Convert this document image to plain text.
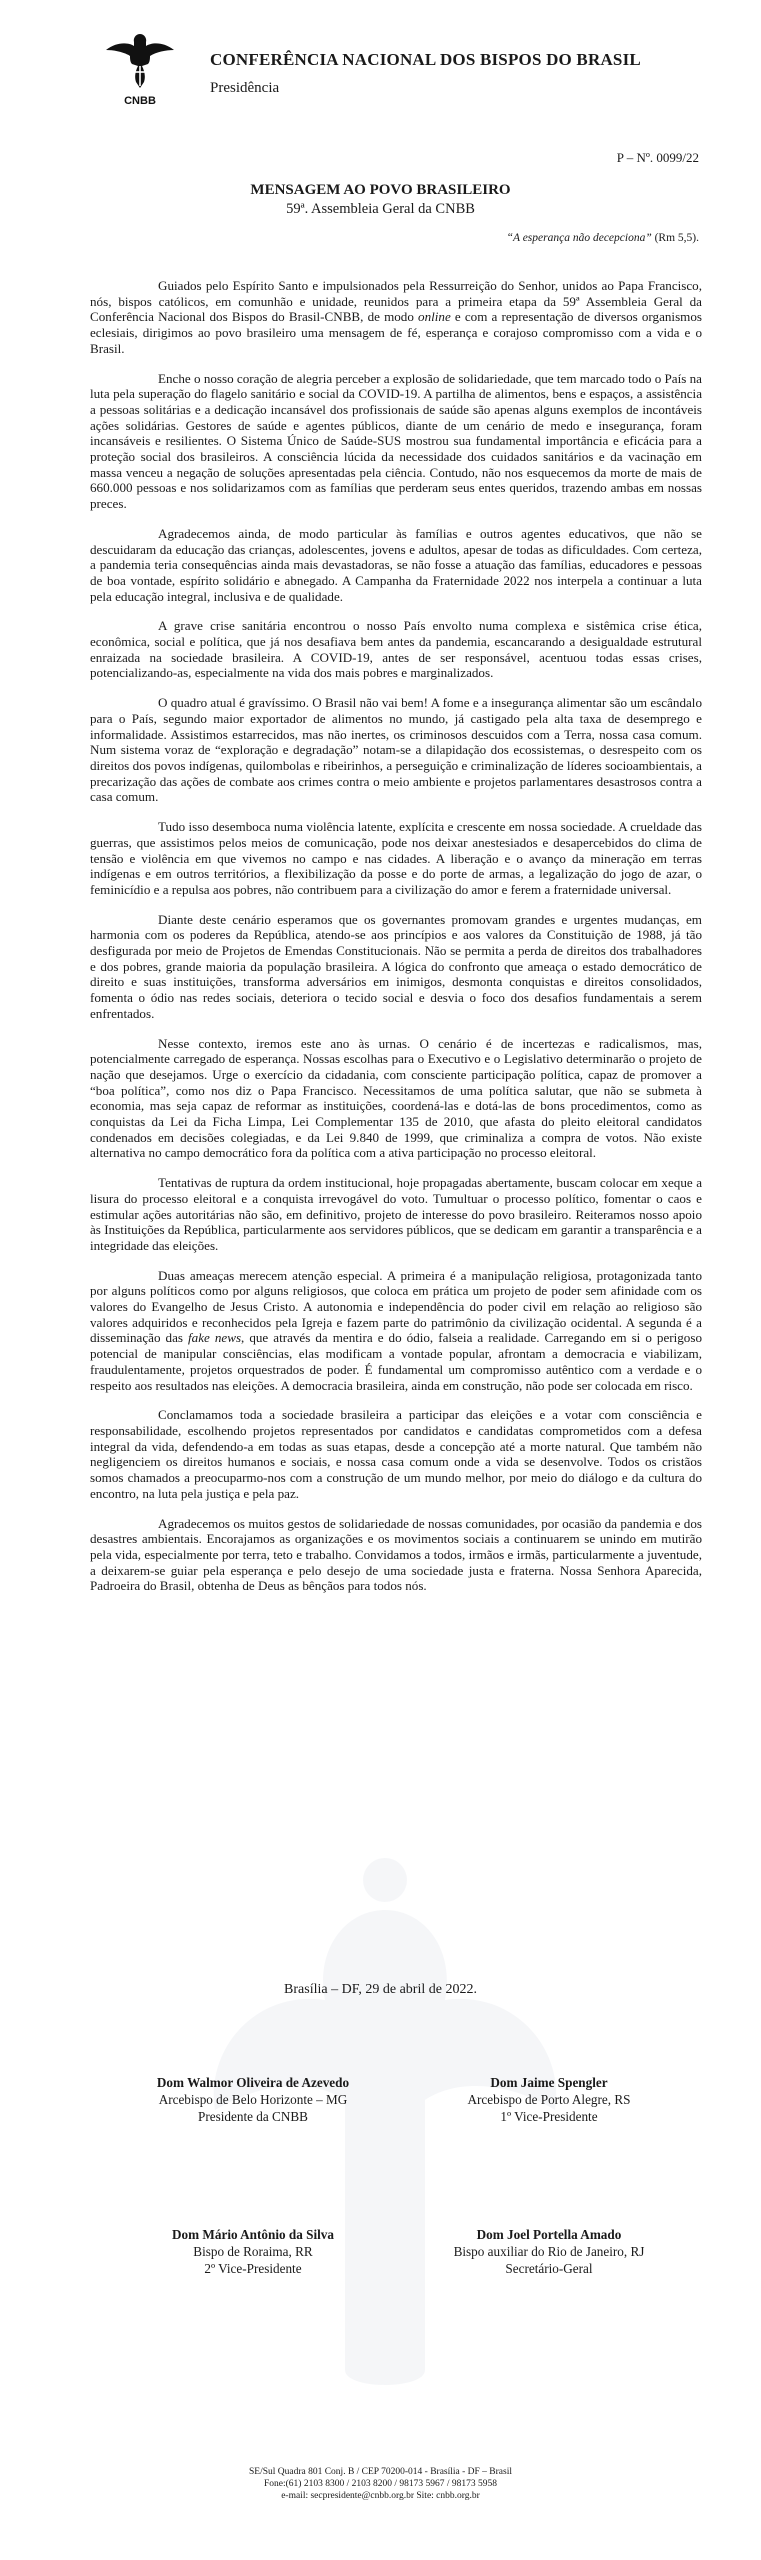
CNBB
CONFERÊNCIA NACIONAL DOS BISPOS DO BRASIL
Presidência
P – Nº. 0099/22
MENSAGEM AO POVO BRASILEIRO
59ª. Assembleia Geral da CNBB
“A esperança não decepciona” (Rm 5,5).

Guiados pelo Espírito Santo e impulsionados pela Ressurreição do Senhor, unidos ao Papa Francisco, nós, bispos católicos, em comunhão e unidade, reunidos para a primeira etapa da 59ª Assembleia Geral da Conferência Nacional dos Bispos do Brasil-CNBB, de modo online e com a representação de diversos organismos eclesiais, dirigimos ao povo brasileiro uma mensagem de fé, esperança e corajoso compromisso com a vida e o Brasil.

Enche o nosso coração de alegria perceber a explosão de solidariedade, que tem marcado todo o País na luta pela superação do flagelo sanitário e social da COVID-19. A partilha de alimentos, bens e espaços, a assistência a pessoas solitárias e a dedicação incansável dos profissionais de saúde são apenas alguns exemplos de incontáveis ações solidárias. Gestores de saúde e agentes públicos, diante de um cenário de medo e insegurança, foram incansáveis e resilientes. O Sistema Único de Saúde-SUS mostrou sua fundamental importância e eficácia para a proteção social dos brasileiros. A consciência lúcida da necessidade dos cuidados sanitários e da vacinação em massa venceu a negação de soluções apresentadas pela ciência. Contudo, não nos esquecemos da morte de mais de 660.000 pessoas e nos solidarizamos com as famílias que perderam seus entes queridos, trazendo ambas em nossas preces.

Agradecemos ainda, de modo particular às famílias e outros agentes educativos, que não se descuidaram da educação das crianças, adolescentes, jovens e adultos, apesar de todas as dificuldades. Com certeza, a pandemia teria consequências ainda mais devastadoras, se não fosse a atuação das famílias, educadores e pessoas de boa vontade, espírito solidário e abnegado. A Campanha da Fraternidade 2022 nos interpela a continuar a luta pela educação integral, inclusiva e de qualidade.

A grave crise sanitária encontrou o nosso País envolto numa complexa e sistêmica crise ética, econômica, social e política, que já nos desafiava bem antes da pandemia, escancarando a desigualdade estrutural enraizada na sociedade brasileira. A COVID-19, antes de ser responsável, acentuou todas essas crises, potencializando-as, especialmente na vida dos mais pobres e marginalizados.

O quadro atual é gravíssimo. O Brasil não vai bem! A fome e a insegurança alimentar são um escândalo para o País, segundo maior exportador de alimentos no mundo, já castigado pela alta taxa de desemprego e informalidade. Assistimos estarrecidos, mas não inertes, os criminosos descuidos com a Terra, nossa casa comum. Num sistema voraz de “exploração e degradação” notam-se a dilapidação dos ecossistemas, o desrespeito com os direitos dos povos indígenas, quilombolas e ribeirinhos, a perseguição e criminalização de líderes socioambientais, a precarização das ações de combate aos crimes contra o meio ambiente e projetos parlamentares desastrosos contra a casa comum.

Tudo isso desemboca numa violência latente, explícita e crescente em nossa sociedade. A crueldade das guerras, que assistimos pelos meios de comunicação, pode nos deixar anestesiados e desapercebidos do clima de tensão e violência em que vivemos no campo e nas cidades. A liberação e o avanço da mineração em terras indígenas e em outros territórios, a flexibilização da posse e do porte de armas, a legalização do jogo de azar, o feminicídio e a repulsa aos pobres, não contribuem para a civilização do amor e ferem a fraternidade universal.

Diante deste cenário esperamos que os governantes promovam grandes e urgentes mudanças, em harmonia com os poderes da República, atendo-se aos princípios e aos valores da Constituição de 1988, já tão desfigurada por meio de Projetos de Emendas Constitucionais. Não se permita a perda de direitos dos trabalhadores e dos pobres, grande maioria da população brasileira. A lógica do confronto que ameaça o estado democrático de direito e suas instituições, transforma adversários em inimigos, desmonta conquistas e direitos consolidados, fomenta o ódio nas redes sociais, deteriora o tecido social e desvia o foco dos desafios fundamentais a serem enfrentados.

Nesse contexto, iremos este ano às urnas. O cenário é de incertezas e radicalismos, mas, potencialmente carregado de esperança. Nossas escolhas para o Executivo e o Legislativo determinarão o projeto de nação que desejamos. Urge o exercício da cidadania, com consciente participação política, capaz de promover a “boa política”, como nos diz o Papa Francisco. Necessitamos de uma política salutar, que não se submeta à economia, mas seja capaz de reformar as instituições, coordená-las e dotá-las de bons procedimentos, como as conquistas da Lei da Ficha Limpa, Lei Complementar 135 de 2010, que afasta do pleito eleitoral candidatos condenados em decisões colegiadas, e da Lei 9.840 de 1999, que criminaliza a compra de votos. Não existe alternativa no campo democrático fora da política com a ativa participação no processo eleitoral.

Tentativas de ruptura da ordem institucional, hoje propagadas abertamente, buscam colocar em xeque a lisura do processo eleitoral e a conquista irrevogável do voto. Tumultuar o processo político, fomentar o caos e estimular ações autoritárias não são, em definitivo, projeto de interesse do povo brasileiro. Reiteramos nosso apoio às Instituições da República, particularmente aos servidores públicos, que se dedicam em garantir a transparência e a integridade das eleições.

Duas ameaças merecem atenção especial. A primeira é a manipulação religiosa, protagonizada tanto por alguns políticos como por alguns religiosos, que coloca em prática um projeto de poder sem afinidade com os valores do Evangelho de Jesus Cristo. A autonomia e independência do poder civil em relação ao religioso são valores adquiridos e reconhecidos pela Igreja e fazem parte do patrimônio da civilização ocidental. A segunda é a disseminação das fake news, que através da mentira e do ódio, falseia a realidade. Carregando em si o perigoso potencial de manipular consciências, elas modificam a vontade popular, afrontam a democracia e viabilizam, fraudulentamente, projetos orquestrados de poder. É fundamental um compromisso autêntico com a verdade e o respeito aos resultados nas eleições. A democracia brasileira, ainda em construção, não pode ser colocada em risco.

Conclamamos toda a sociedade brasileira a participar das eleições e a votar com consciência e responsabilidade, escolhendo projetos representados por candidatos e candidatas comprometidos com a defesa integral da vida, defendendo-a em todas as suas etapas, desde a concepção até a morte natural. Que também não negligenciem os direitos humanos e sociais, e nossa casa comum onde a vida se desenvolve. Todos os cristãos somos chamados a preocuparmo-nos com a construção de um mundo melhor, por meio do diálogo e da cultura do encontro, na luta pela justiça e pela paz.

Agradecemos os muitos gestos de solidariedade de nossas comunidades, por ocasião da pandemia e dos desastres ambientais. Encorajamos as organizações e os movimentos sociais a continuarem se unindo em mutirão pela vida, especialmente por terra, teto e trabalho. Convidamos a todos, irmãos e irmãs, particularmente a juventude, a deixarem-se guiar pela esperança e pelo desejo de uma sociedade justa e fraterna. Nossa Senhora Aparecida, Padroeira do Brasil, obtenha de Deus as bênçãos para todos nós.

Brasília – DF, 29 de abril de 2022.
Dom Walmor Oliveira de Azevedo
Arcebispo de Belo Horizonte – MG
Presidente da CNBB
Dom Jaime Spengler
Arcebispo de Porto Alegre, RS
1º Vice-Presidente
Dom Mário Antônio da Silva
Bispo de Roraima, RR
2º Vice-Presidente
Dom Joel Portella Amado
Bispo auxiliar do Rio de Janeiro, RJ
Secretário-Geral
SE/Sul Quadra 801 Conj. B / CEP 70200-014 - Brasília - DF – Brasil
Fone:(61) 2103 8300 / 2103 8200 / 98173 5967 / 98173 5958
e-mail: secpresidente@cnbb.org.br Site: cnbb.org.br
